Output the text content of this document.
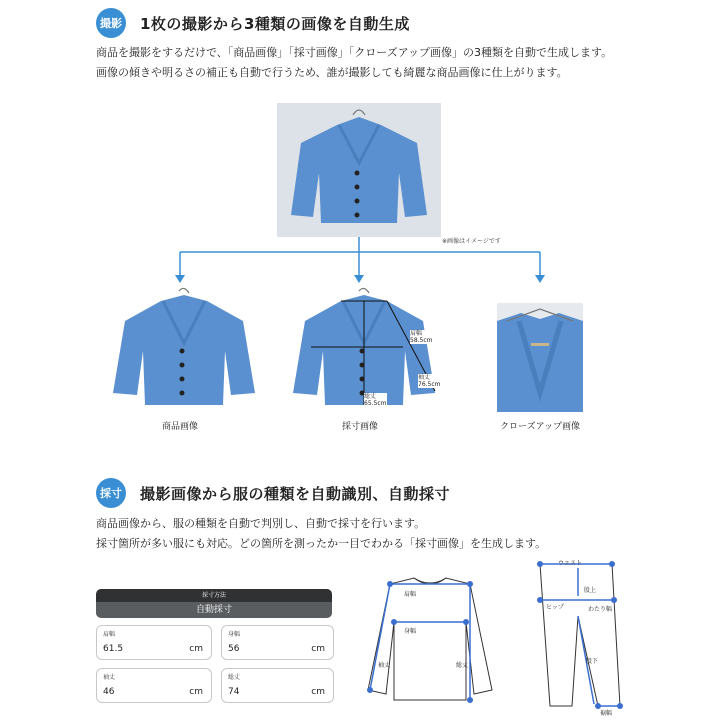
撮影 1枚の撮影から3種類の画像を自動生成
商品を撮影をするだけで、「商品画像」「採寸画像」「クローズアップ画像」の3種類を自動で生成します。
画像の傾きや明るさの補正も自動で行うため、誰が撮影しても綺麗な商品画像に仕上がります。
※画像はイメージです
商品画像
肩幅
58.5cm
袖丈
76.5cm
総丈
65.5cm
採寸画像	クローズアップ画像
採寸 撮影画像から服の種類を自動識別、自動採寸
商品画像から、服の種類を自動で判別し、自動で採寸を行います。
採寸箇所が多い服にも対応。どの箇所を測ったか一目でわかる「採寸画像」を生成します。
採寸方法
自動採寸
肩幅
61.5	cm
身幅
56	cm
袖丈
46	cm
総丈
74	cm
肩幅
身幅
袖丈	総丈
ウエスト
股上
ヒップ	わたり幅
股下
裾幅
